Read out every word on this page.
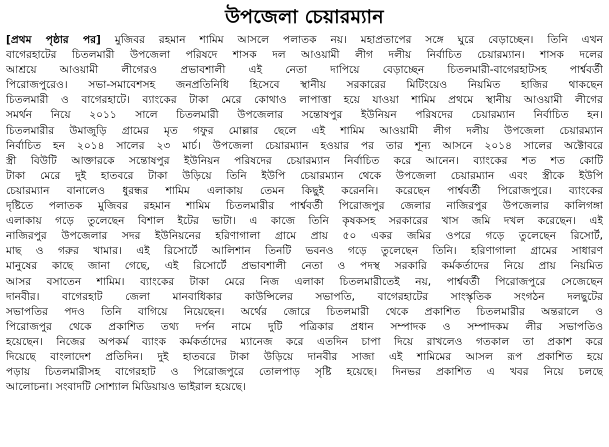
উপজেলা চেয়ারম্যান
[প্রথম পৃষ্ঠার পর] মুজিবর রহমান শামিম আসলে পলাতক নয়। মহাপ্রতাপের সঙ্গে ঘুরে বেড়াচ্ছেন। তিনি এখন
বাগেরহাটের চিতলমারী উপজেলা পরিষদে শাসক দল আওয়ামী লীগ দলীয় নির্বাচিত চেয়ারম্যান। শাসক দলের
আশ্রয়ে আওয়ামী লীগেরও প্রভাবশালী এই নেতা দাপিয়ে বেড়াচ্ছেন চিতলমারী-বাগেরহাটসহ পার্শ্ববর্তী
পিরোজপুরেও। সভা-সমাবেশসহ জনপ্রতিনিধি হিসেবে স্থানীয় সরকারের মিটিংয়েও নিয়মিত হাজির থাকছেন
চিতলমারী ও বাগেরহাটে। ব্যাংকের টাকা মেরে কোথাও লাপাত্তা হয়ে যাওয়া শামিম প্রথমে স্থানীয় আওয়ামী লীগের
সমর্থন নিয়ে ২০১১ সালে চিতলমারী উপজেলার সন্তোষপুর ইউনিয়ন পরিষদের চেয়ারম্যান নির্বাচিত হন।
চিতলমারীর উমাজুড়ি গ্রামের মৃত গফুর মোল্লার ছেলে এই শামিম আওয়ামী লীগ দলীয় উপজেলা চেয়ারম্যান
নির্বাচিত হন ২০১৪ সালের ২৩ মার্চ। উপজেলা চেয়ারম্যান হওয়ার পর তার শূন্য আসনে ২০১৪ সালের অক্টোবরে
স্ত্রী বিউটি আক্তারকে সন্তোষপুর ইউনিয়ন পরিষদের চেয়ারম্যান নির্বাচিত করে আনেন। ব্যাংকের শত শত কোটি
টাকা মেরে দুই হাতবরে টাকা উড়িয়ে তিনি ইউপি চেয়ারম্যান থেকে উপজেলা চেয়ারম্যান এবং স্ত্রীকে ইউপি
চেয়ারম্যান বানালেও ধুরন্ধর শামিম এলাকায় তেমন কিছুই করেননি। করেছেন পার্শ্ববর্তী পিরোজপুরে। ব্যাংকের
দৃষ্টিতে পলাতক মুজিবর রহমান শামিম চিতলমারীর পার্শ্ববর্তী পিরোজপুর জেলার নাজিরপুর উপজেলার কালিগঙ্গা
এলাকায় গড়ে তুলেছেন বিশাল ইটের ভাটা। এ কাজে তিনি কৃষকসহ সরকারের খাস জমি দখল করেছেন। এই
নাজিরপুর উপজেলার সদর ইউনিয়নের হরিণাগালা গ্রামে প্রায় ৫০ একর জমির ওপরে গড়ে তুলেছেন রিসোর্ট,
মাছ ও গরুর খামার। এই রিসোর্টে আলিশান তিনটি ভবনও গড়ে তুলেছেন তিনি। হরিণাগালা গ্রামের সাধারণ
মানুষের কাছে জানা গেছে, এই রিসোর্টে প্রভাবশালী নেতা ও পদস্থ সরকারি কর্মকর্তাদের নিয়ে প্রায় নিয়মিত
আসর বসাতেন শামিম। ব্যাংকের টাকা মেরে নিজ এলাকা চিতলমারীতেই নয়, পার্শ্ববর্তী পিরোজপুরে সেজেছেন
দানবীর। বাগেরহাট জেলা মানবাধিকার কাউন্সিলের সভাপতি, বাগেরহাটের সাংস্কৃতিক সংগঠন দলছুটের
সভাপতির পদও তিনি বাগিয়ে নিয়েছেন। অর্থের জোরে চিতলমারী থেকে প্রকাশিত চিতলমারীর অন্তরালে ও
পিরোজপুর থেকে প্রকাশিত তথ্য দর্পন নামে দুটি পত্রিকার প্রধান সম্পাদক ও সম্পাদকম লীর সভাপতিও
হয়েছেন। নিজের অপকর্ম ব্যাংক কর্মকর্তাদের ম্যানেজ করে এতদিন চাপা দিয়ে রাখলেও গতকাল তা প্রকাশ করে
দিয়েছে বাংলাদেশ প্রতিদিন। দুই হাতবরে টাকা উড়িয়ে দানবীর সাজা এই শামিমের আসল রূপ প্রকাশিত হয়ে
পড়ায় চিতলমারীসহ বাগেরহাট ও পিরোজপুরে তোলপাড় সৃষ্টি হয়েছে। দিনভর প্রকাশিত এ খবর নিয়ে চলছে
আলোচনা। সংবাদটি সোশ্যাল মিডিয়ায়ও ভাইরাল হয়েছে।
